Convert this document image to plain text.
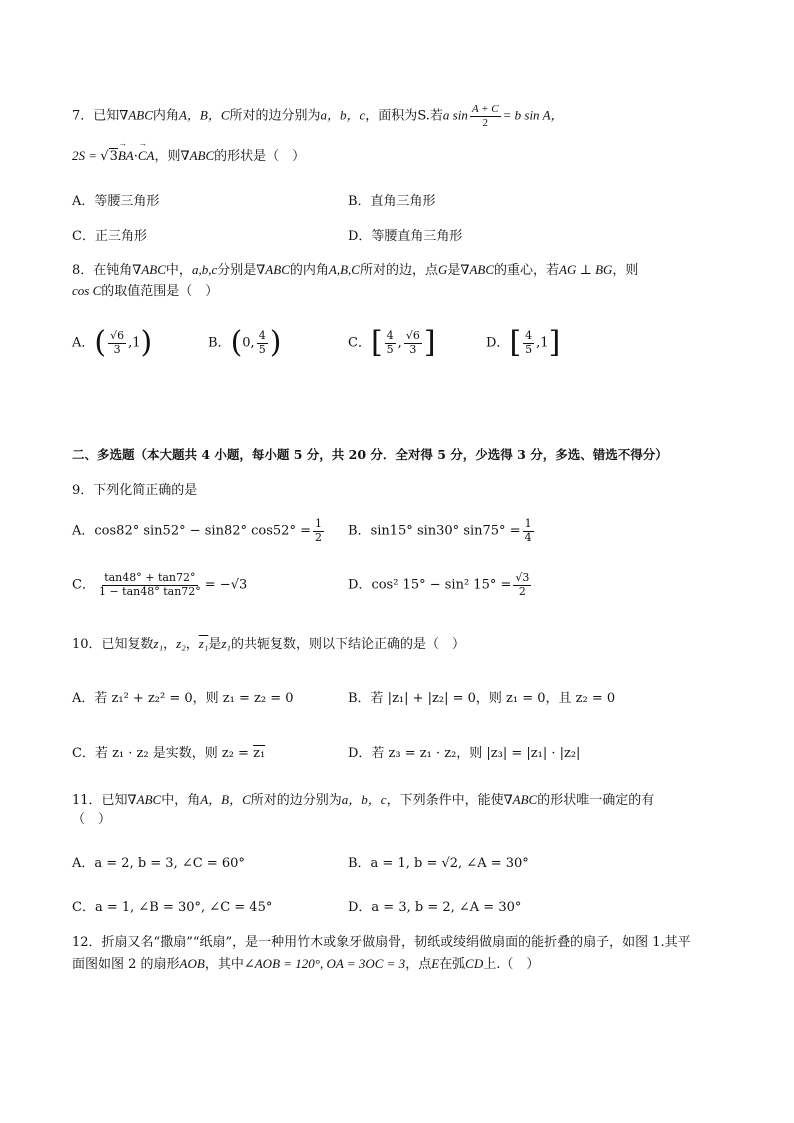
7．已知∇ABC内角A，B，C所对的边分别为a，b，c，面积为S.若a $\sin \frac{A + C}{2} = b$ sin A，
2S = √3→ BA·→ CA，则∇ABC的形状是（　）
A．等腰三角形	B．直角三角形
C．正三角形	D．等腰直角三角形
8．在钝角∇ABC中，a,b,c分别是∇ABC的内角A,B,C所对的边，点G是∇ABC的重心，若AG ⊥ BG，则
cos C的取值范围是（　）
A．( $\frac{√6}{3} ,1$)	B．(0, $\frac{4}{5}$ )	C．[ $\frac{4}{5}$ , $\frac{√6}{3}$ ]	D．[ $\frac{4}{5} ,1$]
二、多选题（本大题共 4 小题，每小题 5 分，共 20 分．全对得 5 分，少选得 3 分，多选、错选不得分）
9．下列化简正确的是
A．cos82° sin52° − sin82° $\cos 52^\circ = \frac{1}{2}$ B．sin15° sin30° $\sin 75^\circ = \frac{1}{4}$
C． $\frac{\tan 48^\circ + \tan 72^\circ}{1 - \tan 48^\circ \tan 72^\circ} = -√3$	D．cos² 15° − sin² $15^\circ = \frac{√3}{2}$
10．已知复数z₁，z₂，z₁是z₁的共轭复数，则以下结论正确的是（　）
A．若 z₁² + z₂² = 0，则 z₁ = z₂ = 0	B．若 |z₁| + |z₂| = 0，则 z₁ = 0，且 z₂ = 0
C．若 z₁ · z₂ 是实数，则 z₂ = z₁	D．若 z₃ = z₁ · z₂，则 |z₃| = |z₁| · |z₂|
11．已知∇ABC中，角A，B，C所对的边分别为a，b，c，下列条件中，能使∇ABC的形状唯一确定的有
（　）
A．a = 2, b = 3, ∠C = 60°	B．a = 1, b = √2, ∠A = 30°
C．a = 1, ∠B = 30°, ∠C = 45°	D．a = 3, b = 2, ∠A = 30°
12．折扇又名“撒扇”“纸扇”，是一种用竹木或象牙做扇骨，韧纸或绫绢做扇面的能折叠的扇子，如图 1.其平
面图如图 2 的扇形AOB，其中∠AOB = 120°, OA = 3OC = 3，点E在弧CD上.（　）
